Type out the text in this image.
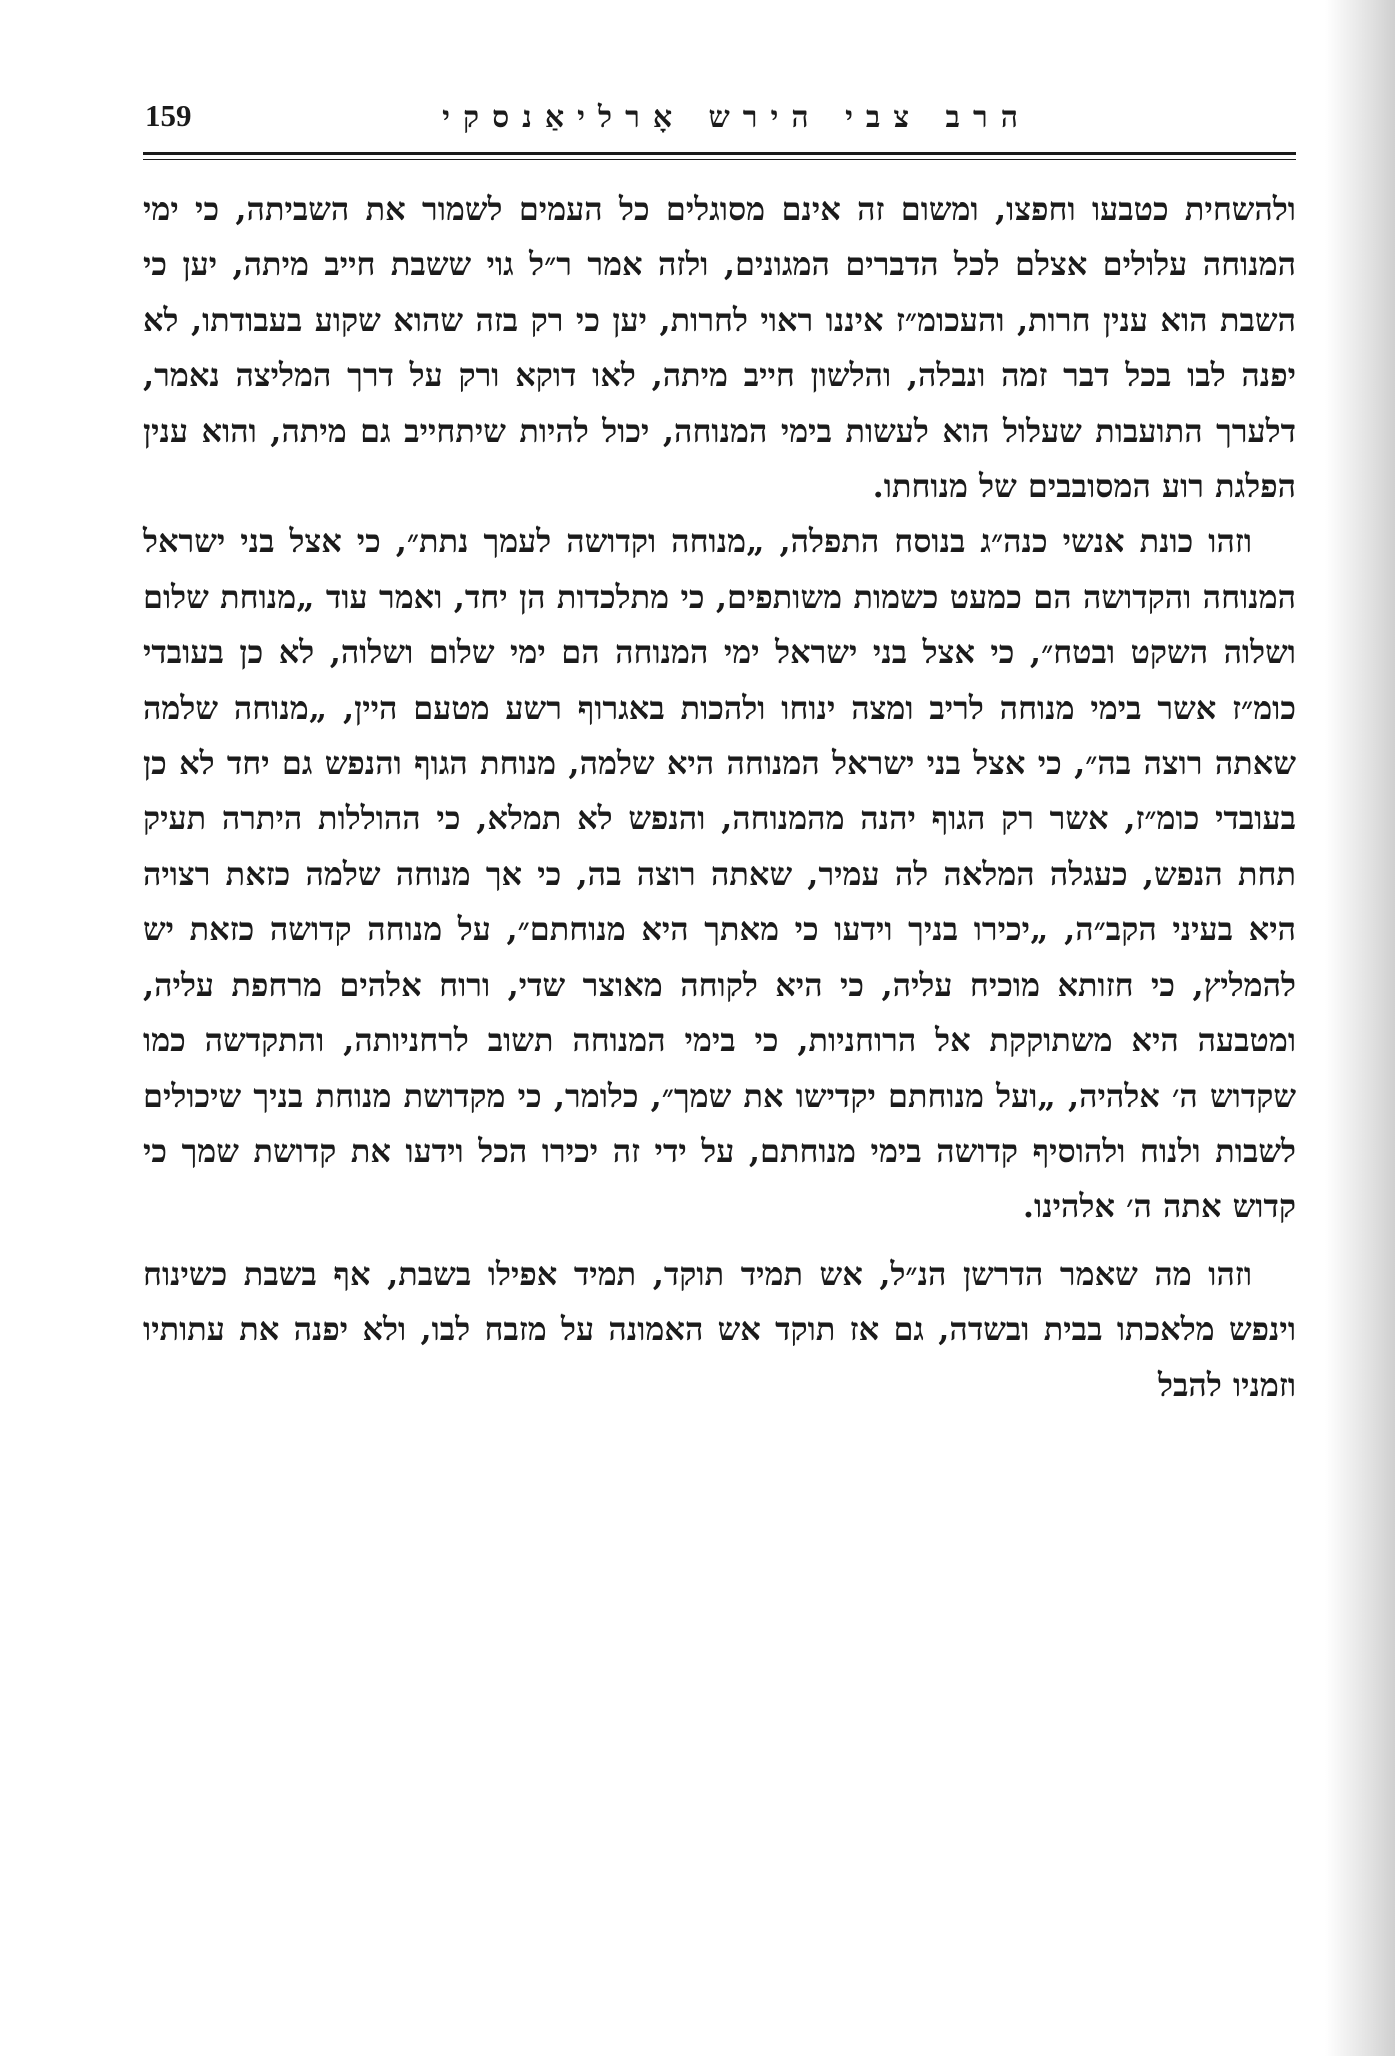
159	הרב צבי הירש אָרליאַנסקי

ולהשחית כטבעו וחפצו, ומשום זה אינם מסוגלים כל העמים לשמור את השביתה, כי ימי המנוחה עלולים אצלם לכל הדברים המגונים, ולזה אמר ר״ל גוי ששבת חייב מיתה, יען כי השבת הוא ענין חרות, והעכומ״ז איננו ראוי לחרות, יען כי רק בזה שהוא שקוע בעבודתו, לא יפנה לבו בכל דבר זמה ונבלה, והלשון חייב מיתה, לאו דוקא ורק על דרך המליצה נאמר, דלערך התועבות שעלול הוא לעשות בימי המנוחה, יכול להיות שיתחייב גם מיתה, והוא ענין הפלגת רוע המסובבים של מנוחתו.

וזהו כונת אנשי כנה״ג בנוסח התפלה, „מנוחה וקדושה לעמך נתת״, כי אצל בני ישראל המנוחה והקדושה הם כמעט כשמות משותפים, כי מתלכדות הן יחד, ואמר עוד „מנוחת שלום ושלוה השקט ובטח״, כי אצל בני ישראל ימי המנוחה הם ימי שלום ושלוה, לא כן בעובדי כומ״ז אשר בימי מנוחה לריב ומצה ינוחו ולהכות באגרוף רשע מטעם היין, „מנוחה שלמה שאתה רוצה בה״, כי אצל בני ישראל המנוחה היא שלמה, מנוחת הגוף והנפש גם יחד לא כן בעובדי כומ״ז, אשר רק הגוף יהנה מהמנוחה, והנפש לא תמלא, כי ההוללות היתרה תעיק תחת הנפש, כעגלה המלאה לה עמיר, שאתה רוצה בה, כי אך מנוחה שלמה כזאת רצויה היא בעיני הקב״ה, „יכירו בניך וידעו כי מאתך היא מנוחתם״, על מנוחה קדושה כזאת יש להמליץ, כי חזותא מוכיח עליה, כי היא לקוחה מאוצר שדי, ורוח אלהים מרחפת עליה, ומטבעה היא משתוקקת אל הרוחניות, כי בימי המנוחה תשוב לרחניותה, והתקדשה כמו שקדוש ה׳ אלהיה, „ועל מנוחתם יקדישו את שמך״, כלומר, כי מקדושת מנוחת בניך שיכולים לשבות ולנוח ולהוסיף קדושה בימי מנוחתם, על ידי זה יכירו הכל וידעו את קדושת שמך כי קדוש אתה ה׳ אלהינו.

וזהו מה שאמר הדרשן הנ״ל, אש תמיד תוקד, תמיד אפילו בשבת, אף בשבת כשינוח וינפש מלאכתו בבית ובשדה, גם אז תוקד אש האמונה על מזבח לבו, ולא יפנה את עתותיו וזמניו להבל
